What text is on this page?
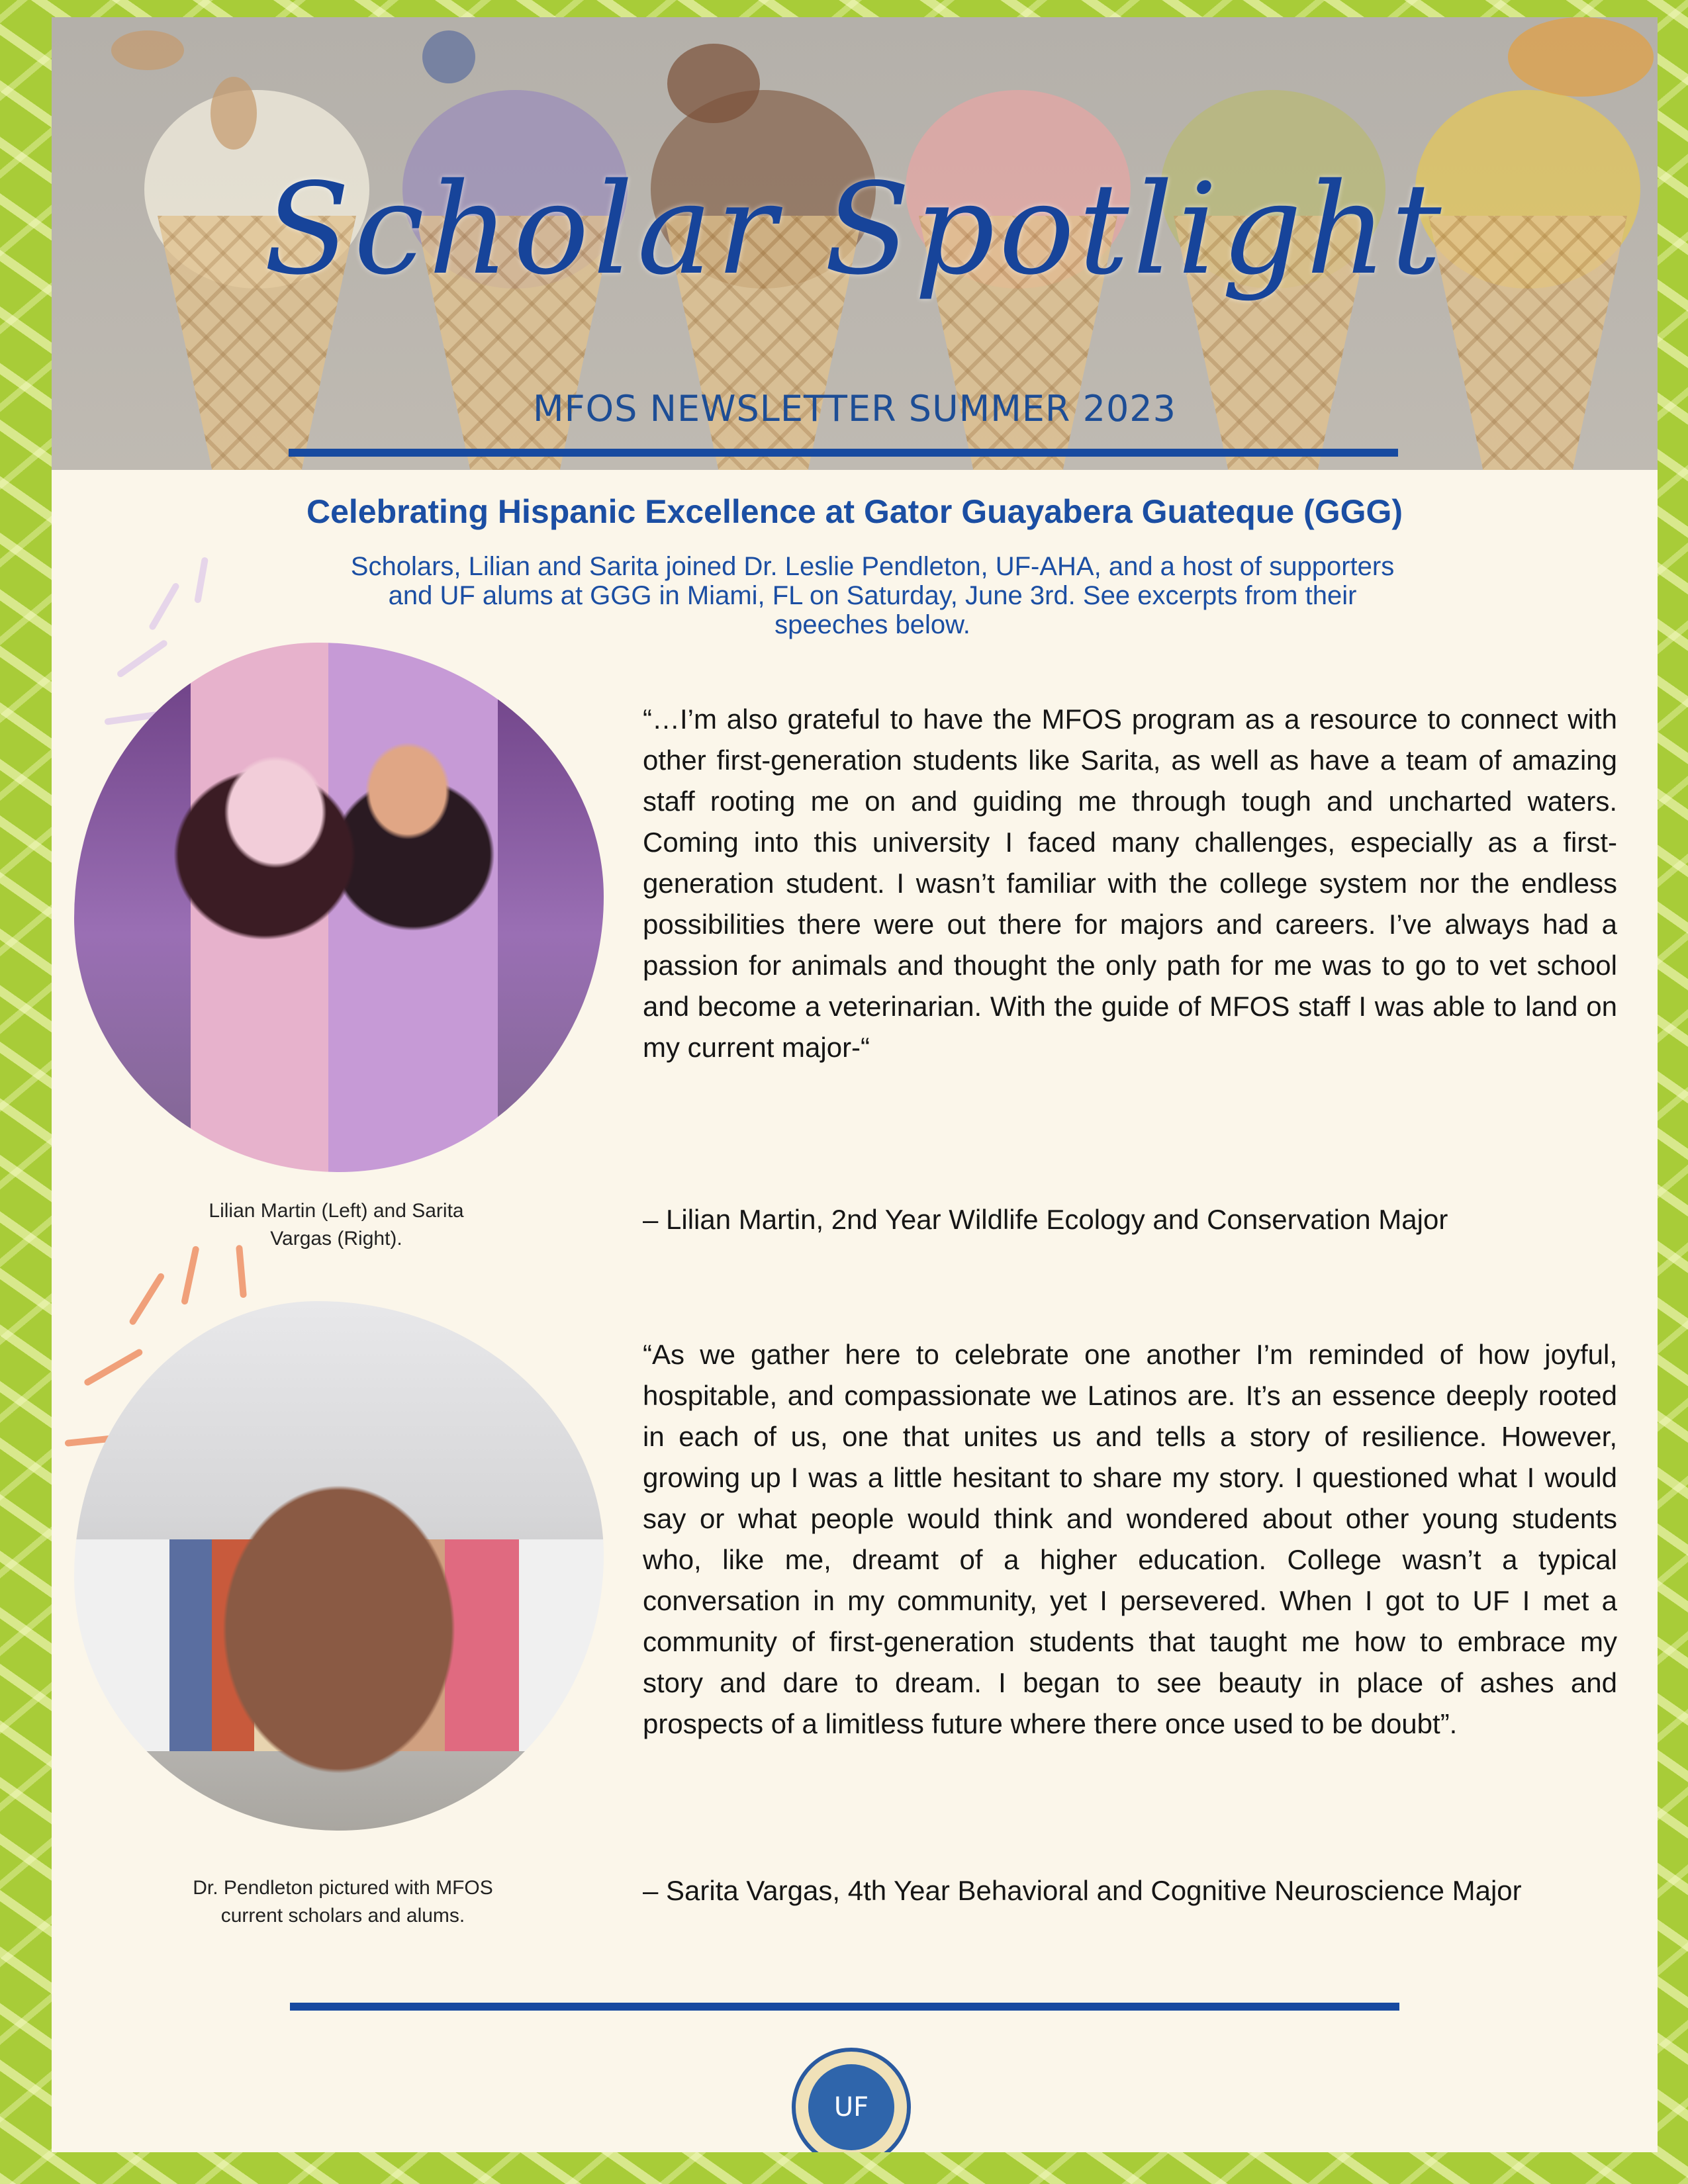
Scholar Spotlight
MFOS NEWSLETTER SUMMER 2023
Celebrating Hispanic Excellence at Gator Guayabera Guateque (GGG)
Scholars, Lilian and Sarita joined Dr. Leslie Pendleton, UF-AHA, and a host of supporters and UF alums at GGG in Miami, FL on Saturday, June 3rd. See excerpts from their speeches below.
Lilian Martin (Left) and Sarita Vargas (Right).
“…I’m also grateful to have the MFOS program as a resource to connect with other first-generation students like Sarita, as well as have a team of amazing staff rooting me on and guiding me through tough and uncharted waters. Coming into this university I faced many challenges, especially as a first-generation student. I wasn’t familiar with the college system nor the endless possibilities there were out there for majors and careers. I’ve always had a passion for animals and thought the only path for me was to go to vet school and become a veterinarian. With the guide of MFOS staff I was able to land on my current major-“
– Lilian Martin, 2nd Year Wildlife Ecology and Conservation Major
Dr. Pendleton pictured with MFOS current scholars and alums.
“As we gather here to celebrate one another I’m reminded of how joyful, hospitable, and compassionate we Latinos are. It’s an essence deeply rooted in each of us, one that unites us and tells a story of resilience. However, growing up I was a little hesitant to share my story. I questioned what I would say or what people would think and wondered about other young students who, like me, dreamt of a higher education. College wasn’t a typical conversation in my community, yet I persevered. When I got to UF I met a community of first-generation students that taught me how to embrace my story and dare to dream. I began to see beauty in place of ashes and prospects of a limitless future where there once used to be doubt”.
– Sarita Vargas, 4th Year Behavioral and Cognitive Neuroscience Major
UF
